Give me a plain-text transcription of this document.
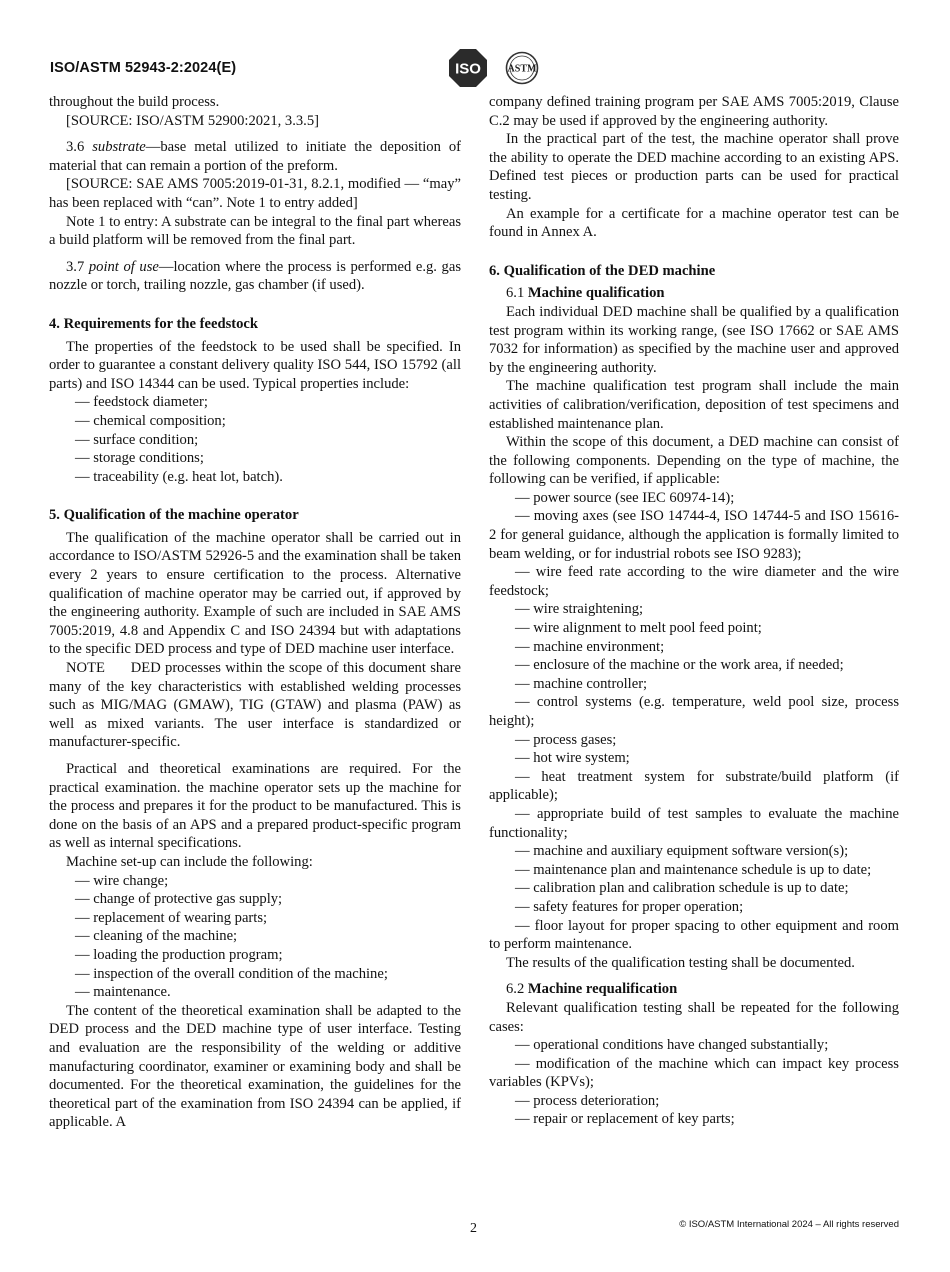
ISO/ASTM 52943-2:2024(E)	ISO	ASTM

throughout the build process.

[SOURCE: ISO/ASTM 52900:2021, 3.3.5]

3.6 substrate—base metal utilized to initiate the deposition of material that can remain a portion of the preform.

[SOURCE: SAE AMS 7005:2019-01-31, 8.2.1, modified — “may” has been replaced with “can”. Note 1 to entry added]

Note 1 to entry: A substrate can be integral to the final part whereas a build platform will be removed from the final part.

3.7 point of use—location where the process is performed e.g. gas nozzle or torch, trailing nozzle, gas chamber (if used).

4. Requirements for the feedstock

The properties of the feedstock to be used shall be specified. In order to guarantee a constant delivery quality ISO 544, ISO 15792 (all parts) and ISO 14344 can be used. Typical properties include:

— feedstock diameter;
— chemical composition;
— surface condition;
— storage conditions;
— traceability (e.g. heat lot, batch).

5. Qualification of the machine operator

The qualification of the machine operator shall be carried out in accordance to ISO/ASTM 52926-5 and the examination shall be taken every 2 years to ensure certification to the process. Alternative qualification of machine operator may be carried out, if approved by the engineering authority. Example of such are included in SAE AMS 7005:2019, 4.8 and Appendix C and ISO 24394 but with adaptations to the specific DED process and type of DED machine user interface.

NOTE DED processes within the scope of this document share many of the key characteristics with established welding processes such as MIG/MAG (GMAW), TIG (GTAW) and plasma (PAW) as well as mixed variants. The user interface is standardized or manufacturer-specific.

Practical and theoretical examinations are required. For the practical examination. the machine operator sets up the machine for the process and prepares it for the product to be manufactured. This is done on the basis of an APS and a prepared product-specific program as well as internal specifications.

Machine set-up can include the following:

— wire change;
— change of protective gas supply;
— replacement of wearing parts;
— cleaning of the machine;
— loading the production program;
— inspection of the overall condition of the machine;
— maintenance.

The content of the theoretical examination shall be adapted to the DED process and the DED machine type of user interface. Testing and evaluation are the responsibility of the welding or additive manufacturing coordinator, examiner or examining body and shall be documented. For the theoretical examination, the guidelines for the theoretical part of the examination from ISO 24394 can be applied, if applicable. A

company defined training program per SAE AMS 7005:2019, Clause C.2 may be used if approved by the engineering authority.

In the practical part of the test, the machine operator shall prove the ability to operate the DED machine according to an existing APS. Defined test pieces or production parts can be used for practical testing.

An example for a certificate for a machine operator test can be found in Annex A.

6. Qualification of the DED machine

6.1 Machine qualification

Each individual DED machine shall be qualified by a qualification test program within its working range, (see ISO 17662 or SAE AMS 7032 for information) as specified by the machine user and approved by the engineering authority.

The machine qualification test program shall include the main activities of calibration/verification, deposition of test specimens and established maintenance plan.

Within the scope of this document, a DED machine can consist of the following components. Depending on the type of machine, the following can be verified, if applicable:

— power source (see IEC 60974-14);

— moving axes (see ISO 14744-4, ISO 14744-5 and ISO 15616-2 for general guidance, although the application is formally limited to beam welding, or for industrial robots see ISO 9283);

— wire feed rate according to the wire diameter and the wire feedstock;

— wire straightening;

— wire alignment to melt pool feed point;

— machine environment;

— enclosure of the machine or the work area, if needed;

— machine controller;

— control systems (e.g. temperature, weld pool size, process height);

— process gases;

— hot wire system;

— heat treatment system for substrate/build platform (if applicable);

— appropriate build of test samples to evaluate the machine functionality;

— machine and auxiliary equipment software version(s);

— maintenance plan and maintenance schedule is up to date;

— calibration plan and calibration schedule is up to date;

— safety features for proper operation;

— floor layout for proper spacing to other equipment and room to perform maintenance.

The results of the qualification testing shall be documented.

6.2 Machine requalification

Relevant qualification testing shall be repeated for the following cases:

— operational conditions have changed substantially;

— modification of the machine which can impact key process variables (KPVs);

— process deterioration;

— repair or replacement of key parts;

2	© ISO/ASTM International 2024 – All rights reserved
